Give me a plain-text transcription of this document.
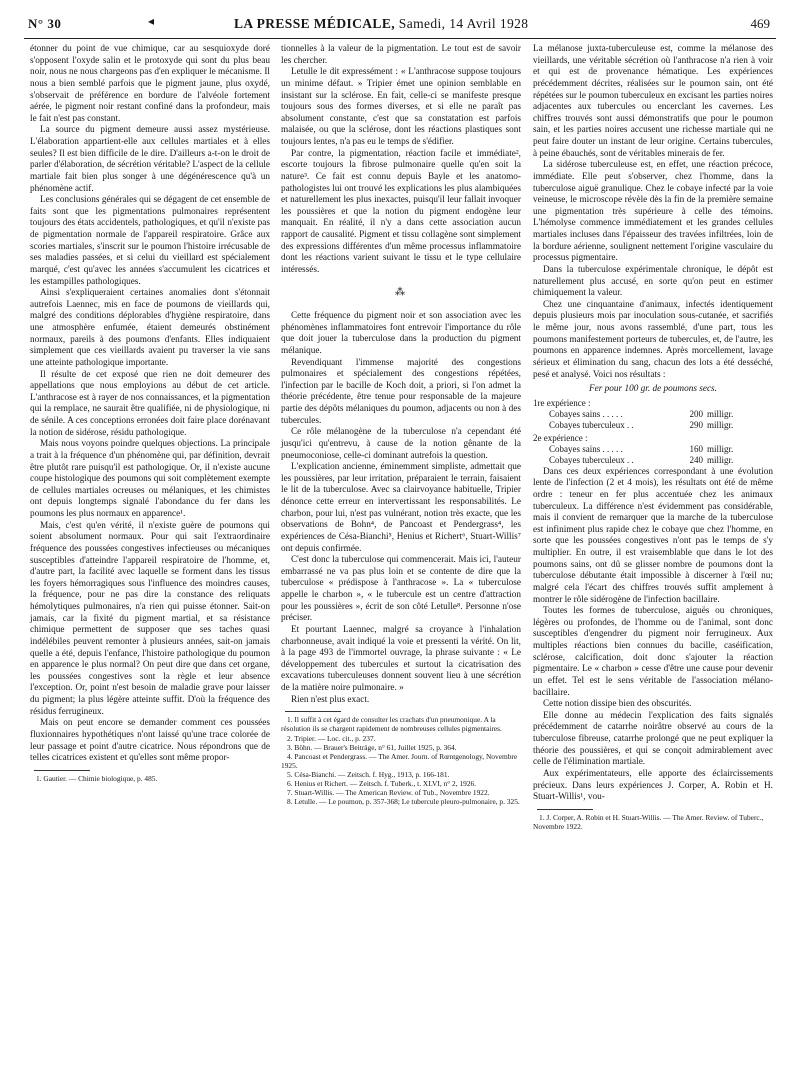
N° 30	◂	LA PRESSE MÉDICALE, Samedi, 14 Avril 1928	469

étonner du point de vue chimique, car au sesquioxyde doré s'opposent l'oxyde salin et le protoxyde qui sont du plus beau noir, nous ne nous chargeons pas d'en expliquer le mécanisme. Il nous a bien semblé parfois que le pigment jaune, plus oxydé, s'observait de préférence en bordure de l'alvéole fortement aérée, le pigment noir restant confiné dans la profondeur, mais le fait n'est pas constant.

La source du pigment demeure aussi assez mystérieuse. L'élaboration appartient-elle aux cellules martiales et à elles seules? Il est bien difficile de le dire. D'ailleurs a-t-on le droit de parler d'élaboration, de sécrétion véritable? L'aspect de la cellule martiale fait bien plus songer à une dégénérescence qu'à un phénomène actif.

Les conclusions générales qui se dégagent de cet ensemble de faits sont que les pigmentations pulmonaires représentent toujours des états accidentels, pathologiques, et qu'il n'existe pas de pigmentation normale de l'appareil respiratoire. Grâce aux scories martiales, s'inscrit sur le poumon l'histoire irrécusable de ses maladies passées, et si celui du vieillard est spécialement marqué, c'est qu'avec les années s'accumulent les cicatrices et les estampilles pathologiques.

Ainsi s'expliqueraient certaines anomalies dont s'étonnait autrefois Laennec, mis en face de poumons de vieillards qui, malgré des conditions déplorables d'hygiène respiratoire, dans une atmosphère enfumée, étaient demeurés obstinément normaux, pareils à des poumons d'enfants. Elles indiquaient simplement que ces vieillards avaient pu traverser la vie sans une atteinte pathologique importante.

Il résulte de cet exposé que rien ne doit demeurer des appellations que nous employions au début de cet article. L'anthracose est à rayer de nos connaissances, et la pigmentation qui la remplace, ne saurait être qualifiée, ni de physiologique, ni de sénile. A ces conceptions erronées doit faire place dorénavant la notion de sidérose, résidu pathologique.

Mais nous voyons poindre quelques objections. La principale a trait à la fréquence d'un phénomène qui, par définition, devrait être plutôt rare puisqu'il est pathologique. Or, il n'existe aucune coupe histologique des poumons qui soit complètement exempte de cellules martiales ocreuses ou mélaniques, et les chimistes ont depuis longtemps signalé l'abondance du fer dans les poumons les plus normaux en apparence¹.

Mais, c'est qu'en vérité, il n'existe guère de poumons qui soient absolument normaux. Pour qui sait l'extraordinaire fréquence des poussées congestives infectieuses ou mécaniques susceptibles d'atteindre l'appareil respiratoire de l'homme, et, d'autre part, la facilité avec laquelle se forment dans les tissus les foyers hémorragiques sous l'influence des moindres causes, la fréquence, pour ne pas dire la constance des reliquats hémolytiques pulmonaires, n'a rien qui puisse étonner. Sait-on jamais, car la fixité du pigment martial, et sa résistance chimique permettent de supposer que ses taches quasi indélébiles peuvent remonter à plusieurs années, sait-on jamais quelle a été, depuis l'enfance, l'histoire pathologique du poumon en apparence le plus normal? On peut dire que dans cet organe, les poussées congestives sont la règle et leur absence l'exception. Or, point n'est besoin de maladie grave pour laisser du pigment; la plus légère atteinte suffit. D'où la fréquence des résidus ferrugineux.

Mais on peut encore se demander comment ces poussées fluxionnaires hypothétiques n'ont laissé qu'une trace colorée de leur passage et point d'autre cicatrice. Nous répondrons que de telles cicatrices existent et qu'elles sont même propor-

1. Gautier. — Chimie biologique, p. 485.

tionnelles à la valeur de la pigmentation. Le tout est de savoir les chercher.

Letulle le dit expressément : « L'anthracose suppose toujours un minime défaut. » Tripier émet une opinion semblable en insistant sur la sclérose. En fait, celle-ci se manifeste presque toujours sous des formes diverses, et si elle ne paraît pas absolument constante, c'est que sa constatation est parfois malaisée, ou que la sclérose, dont les réactions plastiques sont toujours lentes, n'a pas eu le temps de s'édifier.

Par contre, la pigmentation, réaction facile et immédiate², escorte toujours la fibrose pulmonaire quelle qu'en soit la nature³. Ce fait est connu depuis Bayle et les anatomo-pathologistes lui ont trouvé les explications les plus alambiquées et naturellement les plus inexactes, puisqu'il leur fallait invoquer les poussières et que la notion du pigment endogène leur manquait. En réalité, il n'y a dans cette association aucun rapport de causalité. Pigment et tissu collagène sont simplement des expressions différentes d'un même processus inflammatoire dont les réactions varient suivant le tissu et le type cellulaire intéressés.

⁂

Cette fréquence du pigment noir et son association avec les phénomènes inflammatoires font entrevoir l'importance du rôle que doit jouer la tuberculose dans la production du pigment mélanique.

Revendiquant l'immense majorité des congestions pulmonaires et spécialement des congestions répétées, l'infection par le bacille de Koch doit, a priori, si l'on admet la théorie précédente, être tenue pour responsable de la majeure partie des dépôts mélaniques du poumon, adjacents ou non à des tubercules.

Ce rôle mélanogène de la tuberculose n'a cependant été jusqu'ici qu'entrevu, à cause de la notion gênante de la pneumoconiose, celle-ci dominant autrefois la question.

L'explication ancienne, éminemment simpliste, admettait que les poussières, par leur irritation, préparaient le terrain, faisaient le lit de la tuberculose. Avec sa clairvoyance habituelle, Tripier dénonce cette erreur en intervertissant les responsabilités. Le charbon, pour lui, n'est pas vulnérant, notion très exacte, que les observations de Bohn⁴, de Pancoast et Pendergrass⁴, les expériences de Césa-Bianchi⁵, Henius et Richert⁶, Stuart-Willis⁷ ont depuis confirmée.

C'est donc la tuberculose qui commencerait. Mais ici, l'auteur embarrassé ne va pas plus loin et se contente de dire que la tuberculose « prédispose à l'anthracose ». La « tuberculose appelle le charbon », « le tubercule est un centre d'attraction pour les poussières », écrit de son côté Letulle⁸. Personne n'ose préciser.

Et pourtant Laennec, malgré sa croyance à l'inhalation charbonneuse, avait indiqué la voie et pressenti la vérité. On lit, à la page 493 de l'immortel ouvrage, la phrase suivante : « Le développement des tubercules et surtout la cicatrisation des excavations tuberculeuses donnent souvent lieu à une sécrétion de la matière noire pulmonaire. »

Rien n'est plus exact.

1. Il suffit à cet égard de consulter les crachats d'un pneumonique. A la résolution ils se chargent rapidement de nombreuses cellules pigmentaires.

2. Tripier. — Loc. cit., p. 237.

3. Böhn. — Brauer's Beiträge, n° 61, Juillet 1925, p. 364.

4. Pancoast et Pendergrass. — The Amer. Journ. of Rœntgenology, Novembre 1925.

5. Césa-Bianchi. — Zeitsch. f. Hyg., 1913, p. 166-181.

6. Henius et Richert. — Zeitsch. f. Tuberk., t. XLVI, n° 2, 1926.

7. Stuart-Willis. — The American Review. of Tub., Novembre 1922.

8. Letulle. — Le poumon, p. 357-368; Le tubercule pleuro-pulmonaire, p. 325.

La mélanose juxta-tuberculeuse est, comme la mélanose des vieillards, une véritable sécrétion où l'anthracose n'a rien à voir et qui est de provenance hématique. Les expériences précédemment décrites, réalisées sur le poumon sain, ont été répétées sur le poumon tuberculeux en excisant les parties noires adjacentes aux tubercules ou encerclant les cavernes. Les chiffres trouvés sont aussi démonstratifs que pour le poumon sain, et les parties noires accusent une richesse martiale qui ne peut faire douter un instant de leur origine. Certains tubercules, à peine ébauchés, sont de véritables minerais de fer.

La sidérose tuberculeuse est, en effet, une réaction précoce, immédiate. Elle peut s'observer, chez l'homme, dans la tuberculose aiguë granulique. Chez le cobaye infecté par la voie veineuse, le microscope révèle dès la fin de la première semaine une pigmentation très supérieure à celle des témoins. L'hémolyse commence immédiatement et les grandes cellules martiales incluses dans l'épaisseur des travées infiltrées, loin de la bordure aérienne, soulignent nettement l'origine vasculaire du processus pigmentaire.

Dans la tuberculose expérimentale chronique, le dépôt est naturellement plus accusé, en sorte qu'on peut en estimer chimiquement la valeur.

Chez une cinquantaine d'animaux, infectés identiquement depuis plusieurs mois par inoculation sous-cutanée, et sacrifiés le même jour, nous avons rassemblé, d'une part, tous les poumons manifestement porteurs de tubercules, et, de l'autre, les poumons en apparence indemnes. Après morcellement, lavage sérieux et élimination du sang, chacun des lots a été desséché, pesé et analysé. Voici nos résultats :

Fer pour 100 gr. de poumons secs.

1re expérience :

Cobayes sains . . . . .	200 milligr.
Cobayes tuberculeux . .	290 milligr.

2e expérience :

Cobayes sains . . . . .	160 milligr.
Cobayes tuberculeux . .	240 milligr.

Dans ces deux expériences correspondant à une évolution lente de l'infection (2 et 4 mois), les résultats ont été de même ordre : teneur en fer plus accentuée chez les animaux tuberculeux. La différence n'est évidemment pas considérable, mais il convient de remarquer que la marche de la tuberculose est infiniment plus rapide chez le cobaye que chez l'homme, en sorte que les poussées congestives n'ont pas le temps de s'y multiplier. En outre, il est vraisemblable que dans le lot des poumons sains, ont dû se glisser nombre de poumons dont la tuberculose débutante était impossible à discerner à l'œil nu; malgré cela l'écart des chiffres trouvés suffit amplement à montrer le rôle sidérogène de l'infection bacillaire.

Toutes les formes de tuberculose, aiguës ou chroniques, légères ou profondes, de l'homme ou de l'animal, sont donc susceptibles d'engendrer du pigment noir ferrugineux. Aux multiples réactions bien connues du bacille, caséification, sclérose, calcification, doit donc s'ajouter la réaction pigmentaire. Le « charbon » cesse d'être une cause pour devenir un effet. Tel est le sens véritable de l'association mélano-bacillaire.

Cette notion dissipe bien des obscurités.

Elle donne au médecin l'explication des faits signalés précédemment de catarrhe noirâtre observé au cours de la tuberculose fibreuse, catarrhe prolongé que ne peut expliquer la théorie des poussières, et qui se conçoit admirablement avec celle de l'élimination martiale.

Aux expérimentateurs, elle apporte des éclaircissements précieux. Dans leurs expériences J. Corper, A. Robin et H. Stuart-Willis¹, vou-

1. J. Corper, A. Robin et H. Stuart-Willis. — The Amer. Review. of Tuberc., Novembre 1922.
